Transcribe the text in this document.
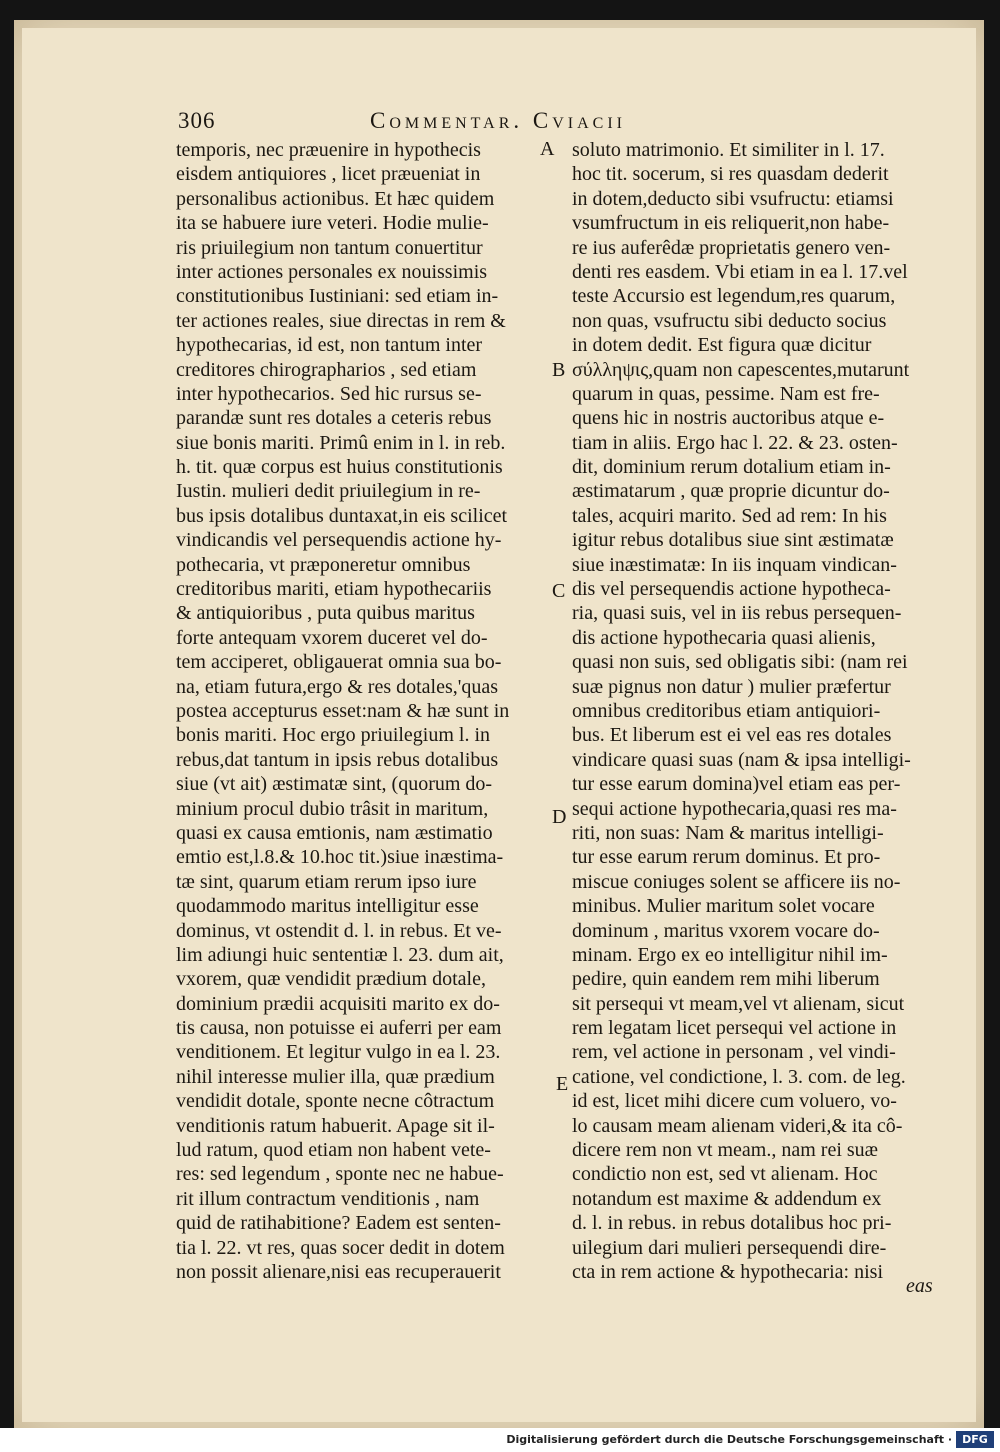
306	Commentar. Cviacii
A
B
C
D
E
temporis, nec præuenire in hypothecis
eisdem antiquiores , licet præueniat in
personalibus actionibus. Et hæc quidem
ita se habuere iure veteri. Hodie mulie-
ris priuilegium non tantum conuertitur
inter actiones personales ex nouissimis
constitutionibus Iustiniani: sed etiam in-
ter actiones reales, siue directas in rem &
hypothecarias, id est, non tantum inter
creditores chirographarios , sed etiam
inter hypothecarios. Sed hic rursus se-
parandæ sunt res dotales a ceteris rebus
siue bonis mariti. Primû enim in l. in reb.
h. tit. quæ corpus est huius constitutionis
Iustin. mulieri dedit priuilegium in re-
bus ipsis dotalibus duntaxat,in eis scilicet
vindicandis vel persequendis actione hy-
pothecaria, vt præponeretur omnibus
creditoribus mariti, etiam hypothecariis
& antiquioribus , puta quibus maritus
forte antequam vxorem duceret vel do-
tem acciperet, obligauerat omnia sua bo-
na, etiam futura,ergo & res dotales,'quas
postea accepturus esset:nam & hæ sunt in
bonis mariti. Hoc ergo priuilegium l. in
rebus,dat tantum in ipsis rebus dotalibus
siue (vt ait) æstimatæ sint, (quorum do-
minium procul dubio trâsit in maritum,
quasi ex causa emtionis, nam æstimatio
emtio est,l.8.& 10.hoc tit.)siue inæstima-
tæ sint, quarum etiam rerum ipso iure
quodammodo maritus intelligitur esse
dominus, vt ostendit d. l. in rebus. Et ve-
lim adiungi huic sententiæ l. 23. dum ait,
vxorem, quæ vendidit prædium dotale,
dominium prædii acquisiti marito ex do-
tis causa, non potuisse ei auferri per eam
venditionem. Et legitur vulgo in ea l. 23.
nihil interesse mulier illa, quæ prædium
vendidit dotale, sponte necne côtractum
venditionis ratum habuerit. Apage sit il-
lud ratum, quod etiam non habent vete-
res: sed legendum , sponte nec ne habue-
rit illum contractum venditionis , nam
quid de ratihabitione? Eadem est senten-
tia l. 22. vt res, quas socer dedit in dotem
non possit alienare,nisi eas recuperauerit
soluto matrimonio. Et similiter in l. 17.
hoc tit. socerum, si res quasdam dederit
in dotem,deducto sibi vsufructu: etiamsi
vsumfructum in eis reliquerit,non habe-
re ius auferêdæ proprietatis genero ven-
denti res easdem. Vbi etiam in ea l. 17.vel
teste Accursio est legendum,res quarum,
non quas, vsufructu sibi deducto socius
in dotem dedit. Est figura quæ dicitur
σύλληψις,quam non capescentes,mutarunt
quarum in quas, pessime. Nam est fre-
quens hic in nostris auctoribus atque e-
tiam in aliis. Ergo hac l. 22. & 23. osten-
dit, dominium rerum dotalium etiam in-
æstimatarum , quæ proprie dicuntur do-
tales, acquiri marito. Sed ad rem: In his
igitur rebus dotalibus siue sint æstimatæ
siue inæstimatæ: In iis inquam vindican-
dis vel persequendis actione hypotheca-
ria, quasi suis, vel in iis rebus persequen-
dis actione hypothecaria quasi alienis,
quasi non suis, sed obligatis sibi: (nam rei
suæ pignus non datur ) mulier præfertur
omnibus creditoribus etiam antiquiori-
bus. Et liberum est ei vel eas res dotales
vindicare quasi suas (nam & ipsa intelligi-
tur esse earum domina)vel etiam eas per-
sequi actione hypothecaria,quasi res ma-
riti, non suas: Nam & maritus intelligi-
tur esse earum rerum dominus. Et pro-
miscue coniuges solent se afficere iis no-
minibus. Mulier maritum solet vocare
dominum , maritus vxorem vocare do-
minam. Ergo ex eo intelligitur nihil im-
pedire, quin eandem rem mihi liberum
sit persequi vt meam,vel vt alienam, sicut
rem legatam licet persequi vel actione in
rem, vel actione in personam , vel vindi-
catione, vel condictione, l. 3. com. de leg.
id est, licet mihi dicere cum voluero, vo-
lo causam meam alienam videri,& ita cô-
dicere rem non vt meam., nam rei suæ
condictio non est, sed vt alienam. Hoc
notandum est maxime & addendum ex
d. l. in rebus. in rebus dotalibus hoc pri-
uilegium dari mulieri persequendi dire-
cta in rem actione & hypothecaria: nisi
eas
Digitalisierung gefördert durch die Deutsche Forschungsgemeinschaft · DFG
